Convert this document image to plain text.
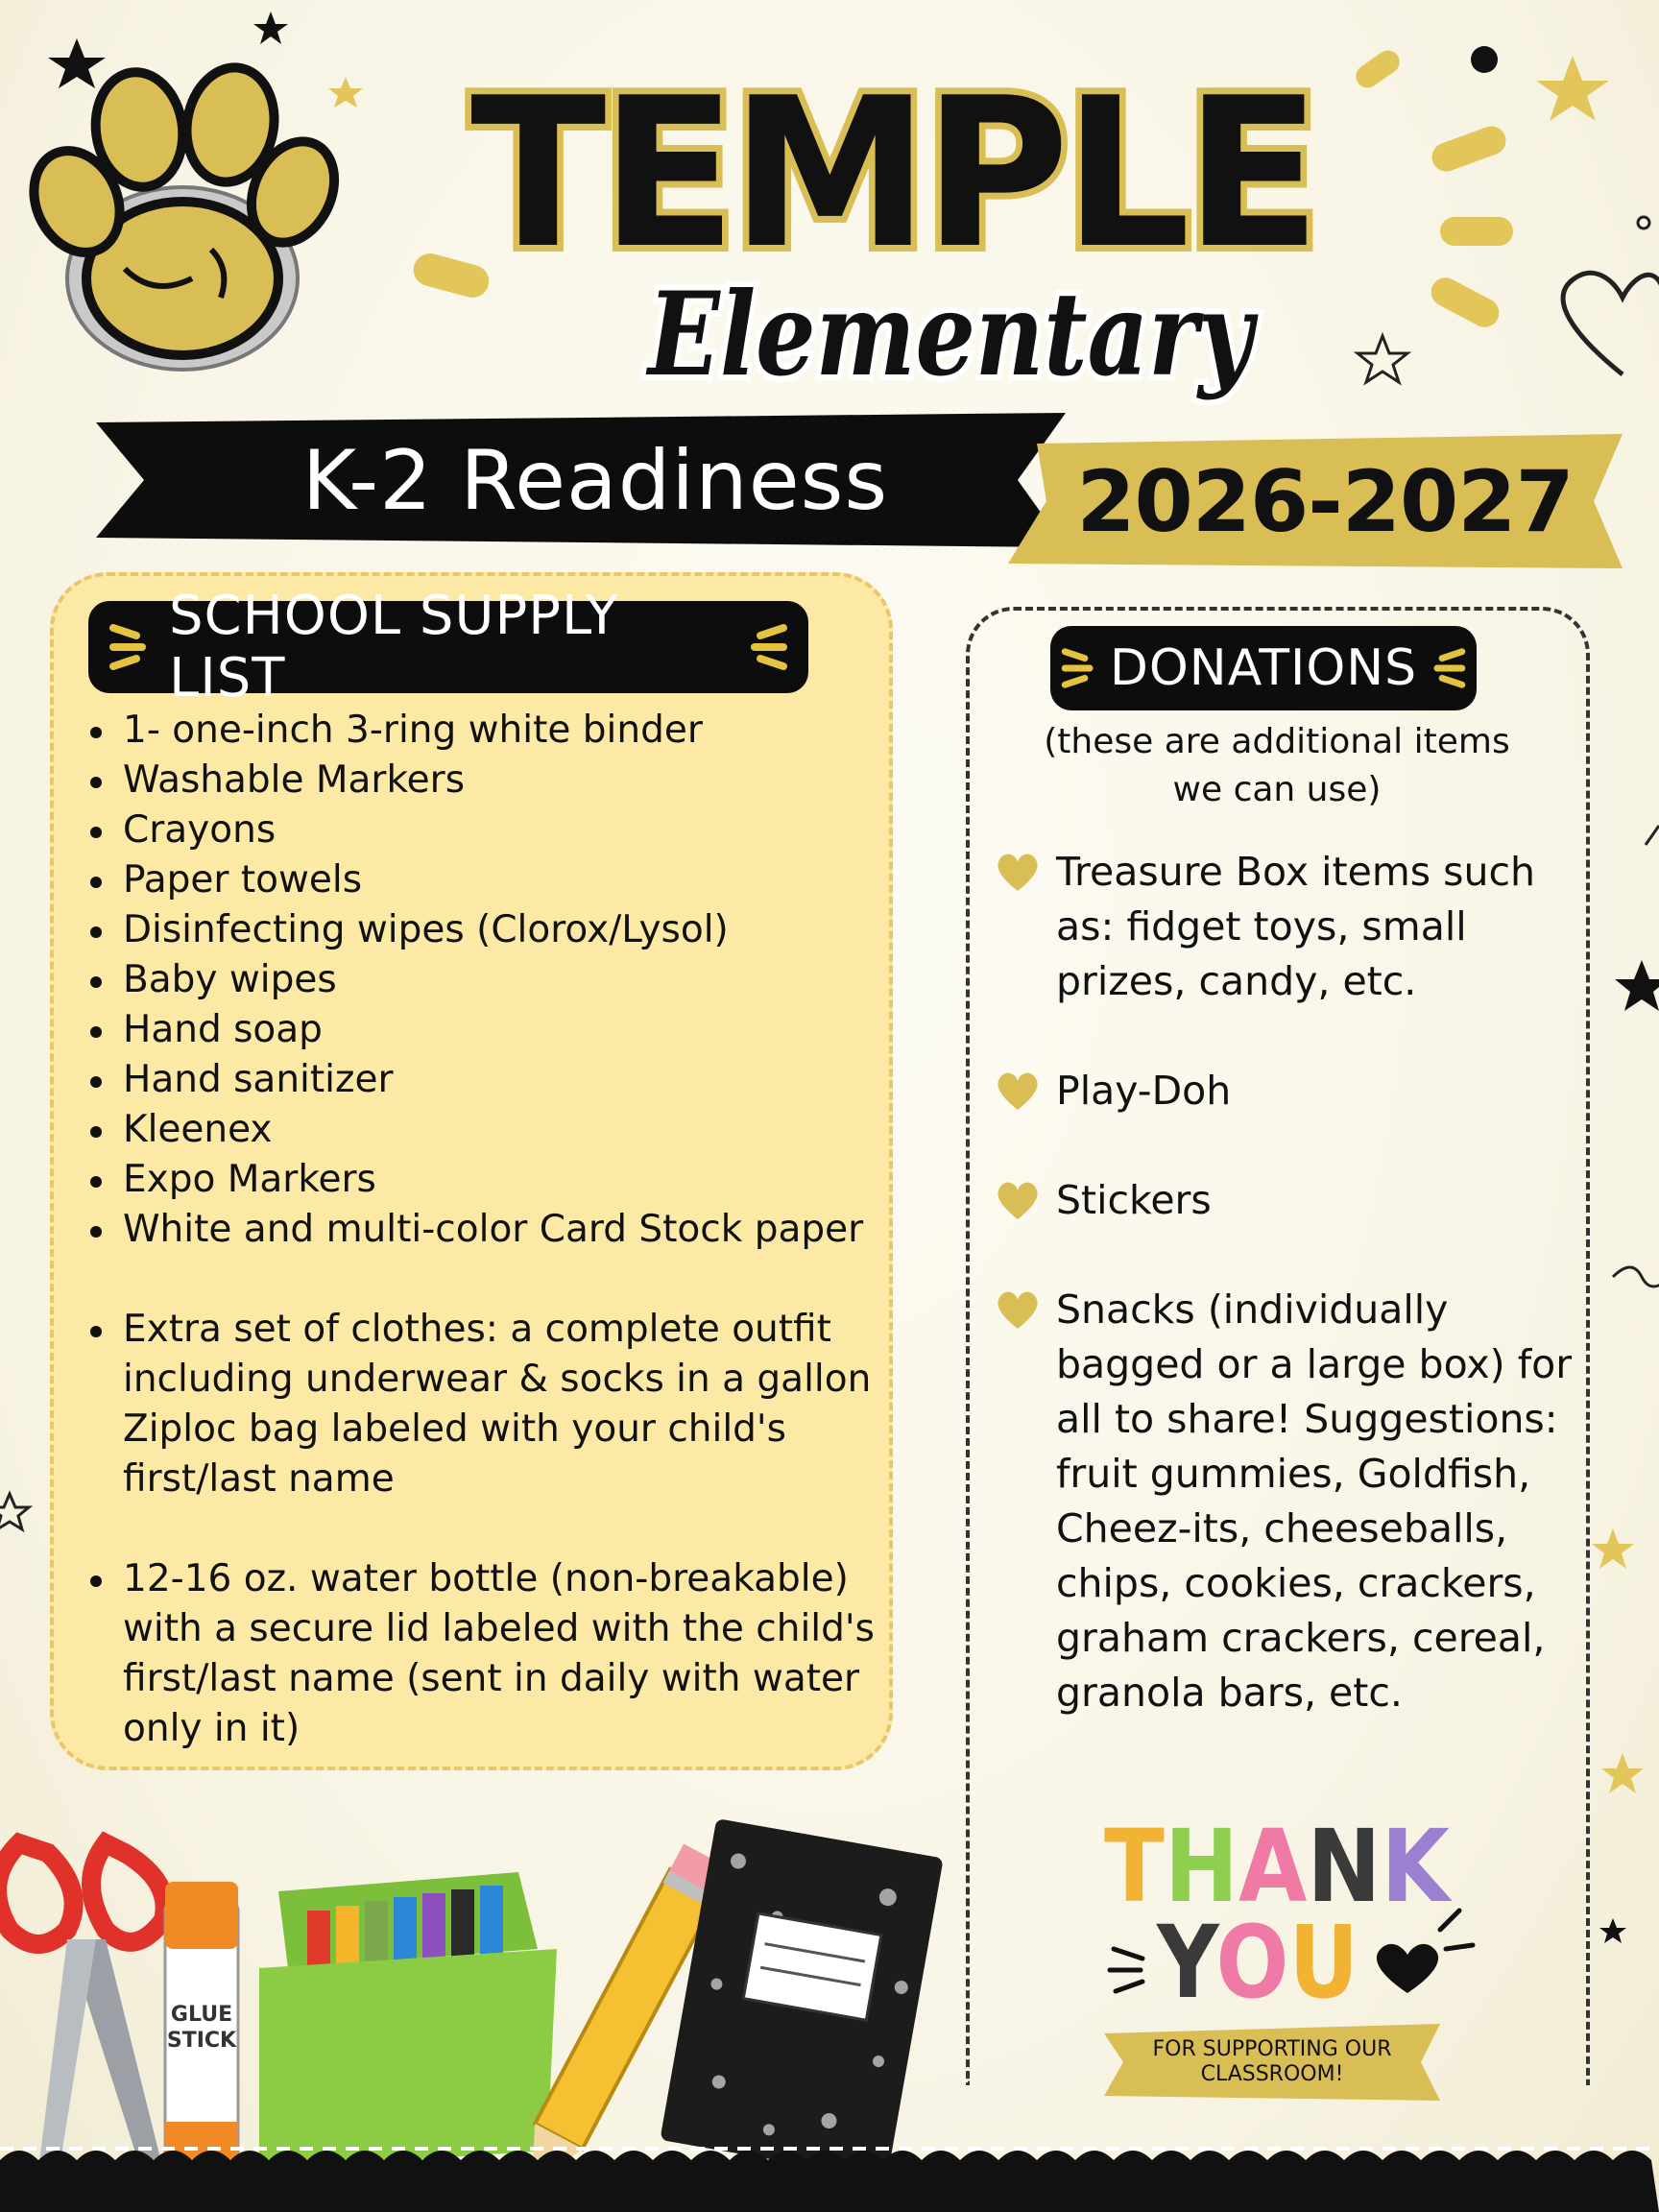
TEMPLE
Elementary
K-2 Readiness	2026-2027
SCHOOL SUPPLY LIST
1- one-inch 3-ring white binder
Washable Markers
Crayons
Paper towels
Disinfecting wipes (Clorox/Lysol)
Baby wipes
Hand soap
Hand sanitizer
Kleenex
Expo Markers
White and multi-color Card Stock paper
Extra set of clothes: a complete outfit including underwear & socks in a gallon Ziploc bag labeled with your child's first/last name
12-16 oz. water bottle (non-breakable) with a secure lid labeled with the child's first/last name (sent in daily with water only in it)
DONATIONS
(these are additional items we can use)
Treasure Box items such as: fidget toys, small prizes, candy, etc.
Play-Doh
Stickers
Snacks (individually bagged or a large box) for all to share! Suggestions: fruit gummies, Goldfish, Cheez-its, cheeseballs, chips, cookies, crackers, graham crackers, cereal, granola bars, etc.
THANK
YOU
FOR SUPPORTING OUR CLASSROOM!
GLUE
STICK
